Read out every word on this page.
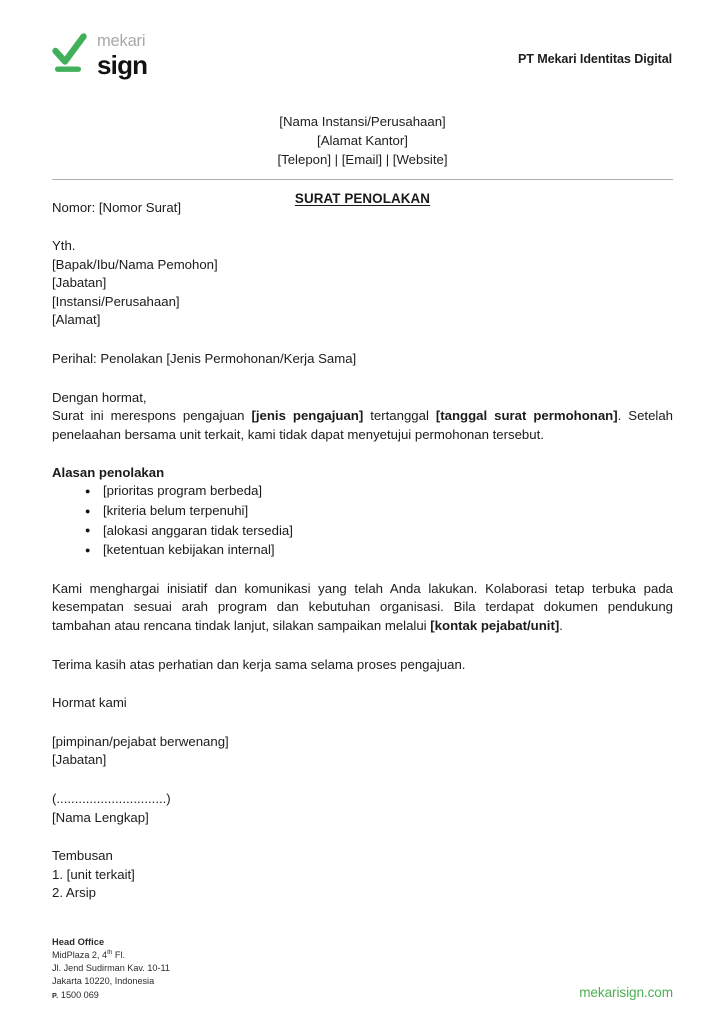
mekari
sign	PT Mekari Identitas Digital
[Nama Instansi/Perusahaan]
[Alamat Kantor]
[Telepon] | [Email] | [Website]
SURAT PENOLAKAN
Nomor: [Nomor Surat]
Yth.
[Bapak/Ibu/Nama Pemohon]
[Jabatan]
[Instansi/Perusahaan]
[Alamat]
Perihal: Penolakan [Jenis Permohonan/Kerja Sama]
Dengan hormat,
Surat ini merespons pengajuan [jenis pengajuan] tertanggal [tanggal surat permohonan]. Setelah penelaahan bersama unit terkait, kami tidak dapat menyetujui permohonan tersebut.
Alasan penolakan
● [prioritas program berbeda]
● [kriteria belum terpenuhi]
● [alokasi anggaran tidak tersedia]
● [ketentuan kebijakan internal]
Kami menghargai inisiatif dan komunikasi yang telah Anda lakukan. Kolaborasi tetap terbuka pada kesempatan sesuai arah program dan kebutuhan organisasi. Bila terdapat dokumen pendukung tambahan atau rencana tindak lanjut, silakan sampaikan melalui [kontak pejabat/unit].
Terima kasih atas perhatian dan kerja sama selama proses pengajuan.
Hormat kami
[pimpinan/pejabat berwenang]
[Jabatan]
(..............................)
[Nama Lengkap]
Tembusan
1. [unit terkait]
2. Arsip
Head Office
MidPlaza 2, 4th Fl.
Jl. Jend Sudirman Kav. 10-11
Jakarta 10220, Indonesia
P. 1500 069	mekarisign.com
